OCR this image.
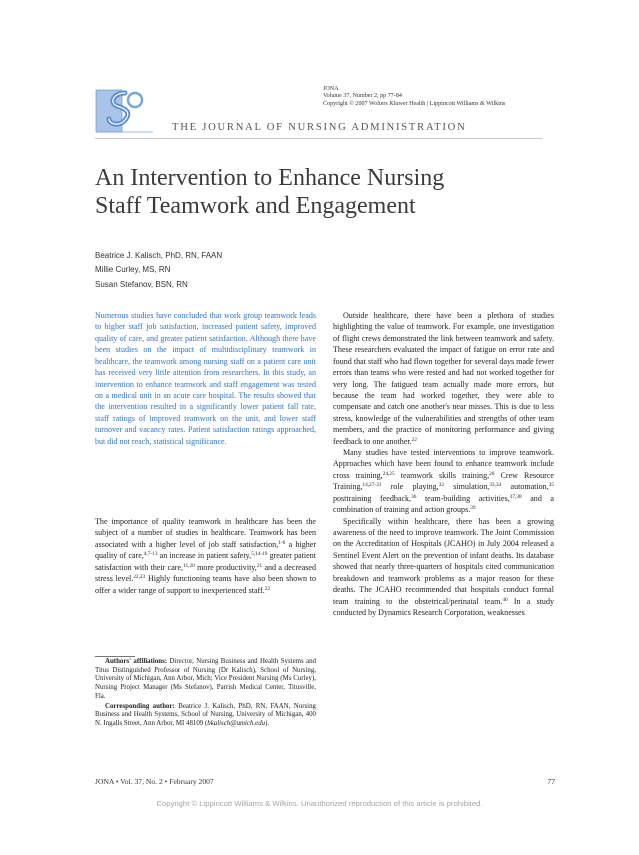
JONA
Volume 37, Number 2, pp 77-84
Copyright © 2007 Wolters Kluwer Health | Lippincott Williams & Wilkins
THE JOURNAL OF NURSING ADMINISTRATION
An Intervention to Enhance Nursing
Staff Teamwork and Engagement
Beatrice J. Kalisch, PhD, RN, FAAN
Millie Curley, MS, RN
Susan Stefanov, BSN, RN

Numerous studies have concluded that work group teamwork leads to higher staff job satisfaction, increased patient safety, improved quality of care, and greater patient satisfaction. Although there have been studies on the impact of multidisciplinary teamwork in healthcare, the teamwork among nursing staff on a patient care unit has received very little attention from researchers. In this study, an intervention to enhance teamwork and staff engagement was tested on a medical unit in an acute care hospital. The results showed that the intervention resulted in a significantly lower patient fall rate, staff ratings of improved teamwork on the unit, and lower staff turnover and vacancy rates. Patient satisfaction ratings approached, but did not reach, statistical significance.

The importance of quality teamwork in healthcare has been the subject of a number of studies in healthcare. Teamwork has been associated with a higher level of job staff satisfaction,$^{1-6}$ a higher quality of care,$^{4,7-13}$ an increase in patient safety,$^{5,14-19}$ greater patient satisfaction with their care,$^{11,20}$ more productivity,$^{21}$ and a decreased stress level.$^{22,23}$ Highly functioning teams have also been shown to offer a wider range of support to inexperienced staff.$^{22}$

Authors' affiliations: Director, Nursing Business and Health Systems and Titus Distinguished Professor of Nursing (Dr Kalisch), School of Nursing, University of Michigan, Ann Arbor, Mich; Vice President Nursing (Ms Curley), Nursing Project Manager (Ms Stefanov), Parrish Medical Center, Titusville, Fla.

Corresponding author: Beatrice J. Kalisch, PhD, RN, FAAN, Nursing Business and Health Systems, School of Nursing, University of Michigan, 400 N. Ingalls Street, Ann Arbor, MI 48109 (bkalisch@umich.edu).

Outside healthcare, there have been a plethora of studies highlighting the value of teamwork. For example, one investigation of flight crews demonstrated the link between teamwork and safety. These researchers evaluated the impact of fatigue on error rate and found that staff who had flown together for several days made fewer errors than teams who were rested and had not worked together for very long. The fatigued team actually made more errors, but because the team had worked together, they were able to compensate and catch one another's near misses. This is due to less stress, knowledge of the vulnerabilities and strengths of other team members, and the practice of monitoring performance and giving feedback to one another.$^{22}$

Many studies have tested interventions to improve teamwork. Approaches which have been found to enhance teamwork include cross training,$^{24,25}$ teamwork skills training,$^{26}$ Crew Resource Training,$^{14,27-31}$ role playing,$^{32}$ simulation,$^{33,34}$ automation,$^{35}$ posttraining feedback,$^{36}$ team-building activities,$^{37,38}$ and a combination of training and action groups.$^{39}$

Specifically within healthcare, there has been a growing awareness of the need to improve teamwork. The Joint Commission on the Accreditation of Hospitals (JCAHO) in July 2004 released a Sentinel Event Alert on the prevention of infant deaths. Its database showed that nearly three-quarters of hospitals cited communication breakdown and teamwork problems as a major reason for these deaths. The JCAHO recommended that hospitals conduct formal team training to the obstetrical/perinatal team.$^{40}$ In a study conducted by Dynamics Research Corporation, weaknesses

JONA • Vol. 37, No. 2 • February 2007	77
Copyright © Lippincott Williams & Wilkins. Unauthorized reproduction of this article is prohibited.
